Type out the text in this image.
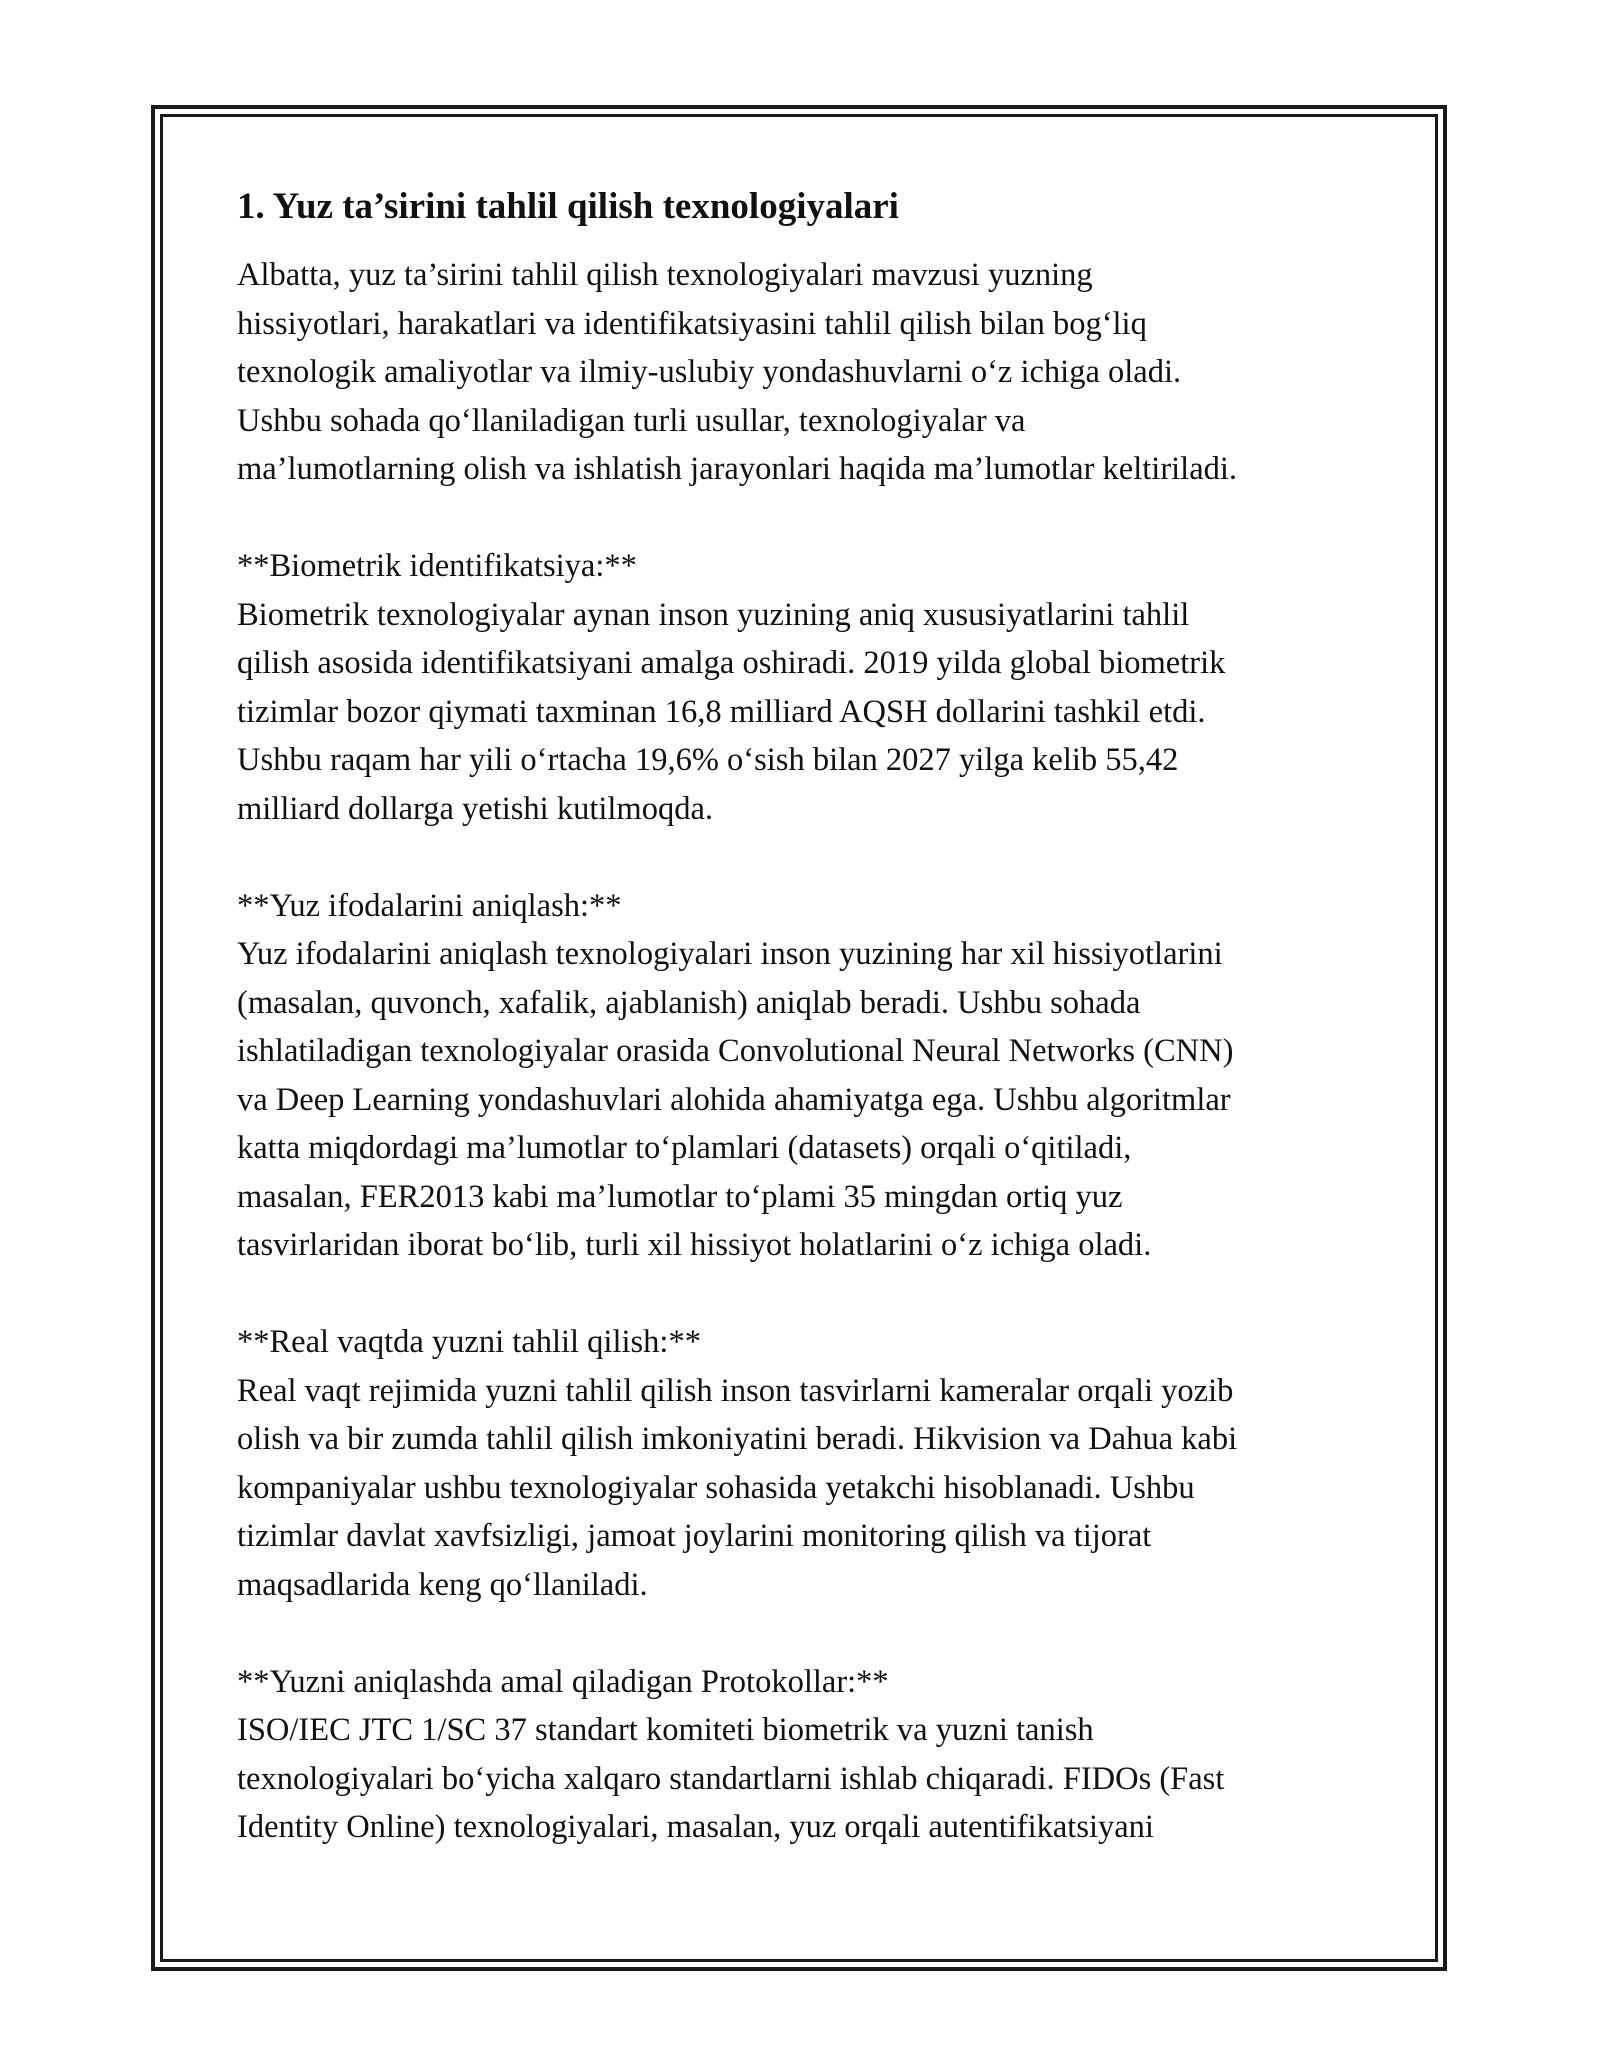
1. Yuz ta’sirini tahlil qilish texnologiyalari

Albatta, yuz ta’sirini tahlil qilish texnologiyalari mavzusi yuzning
hissiyotlari, harakatlari va identifikatsiyasini tahlil qilish bilan bog‘liq
texnologik amaliyotlar va ilmiy-uslubiy yondashuvlarni o‘z ichiga oladi.
Ushbu sohada qo‘llaniladigan turli usullar, texnologiyalar va
ma’lumotlarning olish va ishlatish jarayonlari haqida ma’lumotlar keltiriladi.

**Biometrik identifikatsiya:**

Biometrik texnologiyalar aynan inson yuzining aniq xususiyatlarini tahlil
qilish asosida identifikatsiyani amalga oshiradi. 2019 yilda global biometrik
tizimlar bozor qiymati taxminan 16,8 milliard AQSH dollarini tashkil etdi.
Ushbu raqam har yili o‘rtacha 19,6% o‘sish bilan 2027 yilga kelib 55,42
milliard dollarga yetishi kutilmoqda.

**Yuz ifodalarini aniqlash:**

Yuz ifodalarini aniqlash texnologiyalari inson yuzining har xil hissiyotlarini
(masalan, quvonch, xafalik, ajablanish) aniqlab beradi. Ushbu sohada
ishlatiladigan texnologiyalar orasida Convolutional Neural Networks (CNN)
va Deep Learning yondashuvlari alohida ahamiyatga ega. Ushbu algoritmlar
katta miqdordagi ma’lumotlar to‘plamlari (datasets) orqali o‘qitiladi,
masalan, FER2013 kabi ma’lumotlar to‘plami 35 mingdan ortiq yuz
tasvirlaridan iborat bo‘lib, turli xil hissiyot holatlarini o‘z ichiga oladi.

**Real vaqtda yuzni tahlil qilish:**

Real vaqt rejimida yuzni tahlil qilish inson tasvirlarni kameralar orqali yozib
olish va bir zumda tahlil qilish imkoniyatini beradi. Hikvision va Dahua kabi
kompaniyalar ushbu texnologiyalar sohasida yetakchi hisoblanadi. Ushbu
tizimlar davlat xavfsizligi, jamoat joylarini monitoring qilish va tijorat
maqsadlarida keng qo‘llaniladi.

**Yuzni aniqlashda amal qiladigan Protokollar:**

ISO/IEC JTC 1/SC 37 standart komiteti biometrik va yuzni tanish
texnologiyalari bo‘yicha xalqaro standartlarni ishlab chiqaradi. FIDOs (Fast
Identity Online) texnologiyalari, masalan, yuz orqali autentifikatsiyani
